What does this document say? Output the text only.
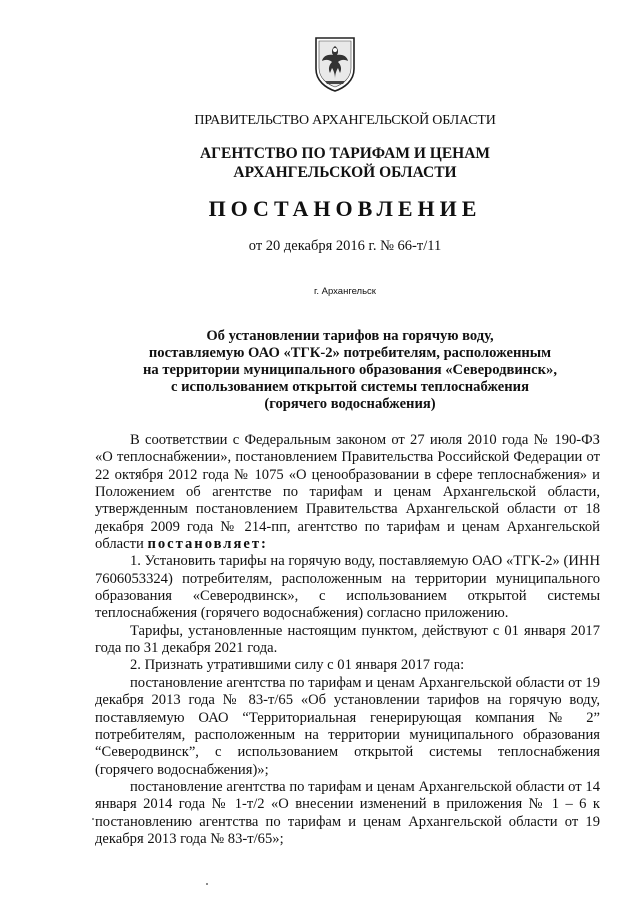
ПРАВИТЕЛЬСТВО АРХАНГЕЛЬСКОЙ ОБЛАСТИ
АГЕНТСТВО ПО ТАРИФАМ И ЦЕНАМ
АРХАНГЕЛЬСКОЙ ОБЛАСТИ
ПОСТАНОВЛЕНИЕ
от 20 декабря 2016 г. № 66-т/11
г. Архангельск
Об установлении тарифов на горячую воду,
поставляемую ОАО «ТГК-2» потребителям, расположенным
на территории муниципального образования «Северодвинск»,
с использованием открытой системы теплоснабжения
(горячего водоснабжения)

В соответствии с Федеральным законом от 27 июля 2010 года № 190-ФЗ «О теплоснабжении», постановлением Правительства Российской Федерации от 22 октября 2012 года № 1075 «О ценообразовании в сфере теплоснабжения» и Положением об агентстве по тарифам и ценам Архангельской области, утвержденным постановлением Правительства Архангельской области от 18 декабря 2009 года № 214-пп, агентство по тарифам и ценам Архангельской области постановляет:

1. Установить тарифы на горячую воду, поставляемую ОАО «ТГК-2» (ИНН 7606053324) потребителям, расположенным на территории муниципального образования «Северодвинск», с использованием открытой системы теплоснабжения (горячего водоснабжения) согласно приложению.

Тарифы, установленные настоящим пунктом, действуют с 01 января 2017 года по 31 декабря 2021 года.

2. Признать утратившими силу с 01 января 2017 года:

постановление агентства по тарифам и ценам Архангельской области от 19 декабря 2013 года № 83-т/65 «Об установлении тарифов на горячую воду, поставляемую ОАО “Территориальная генерирующая компания № 2” потребителям, расположенным на территории муниципального образования “Северодвинск”, с использованием открытой системы теплоснабжения (горячего водоснабжения)»;

постановление агентства по тарифам и ценам Архангельской области от 14 января 2014 года № 1-т/2 «О внесении изменений в приложения № 1 – 6 к постановлению агентства по тарифам и ценам Архангельской области от 19 декабря 2013 года № 83-т/65»;
